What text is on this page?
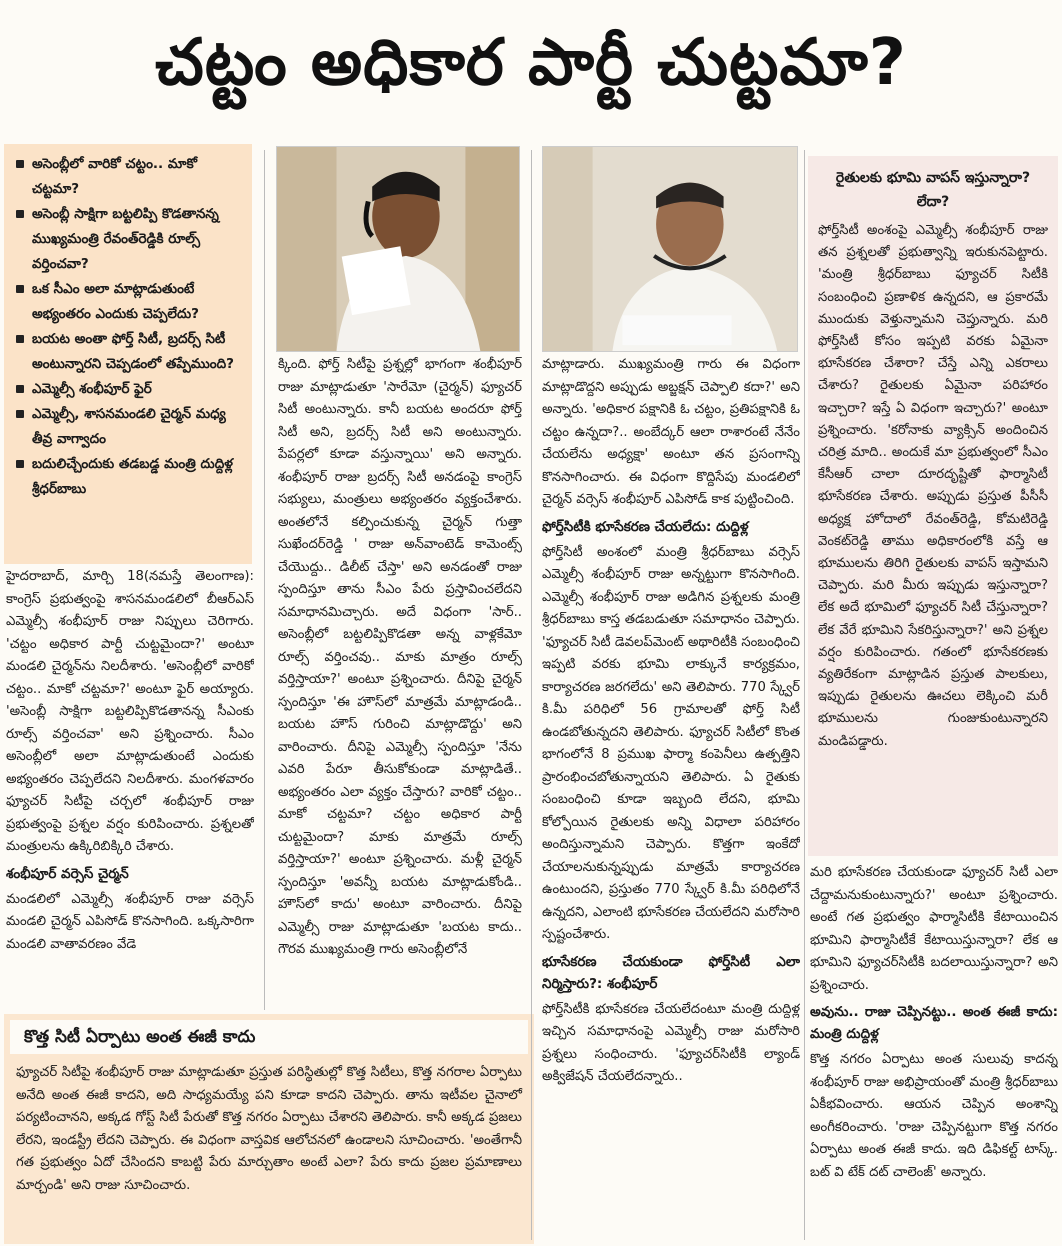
చట్టం అధికార పార్టీ చుట్టమా?
అసెంబ్లీలో వారికో చట్టం.. మాకో చట్టమా?
అసెంబ్లీ సాక్షిగా బట్టలిప్పి కొడతానన్న ముఖ్యమంత్రి రేవంత్‌రెడ్డికి రూల్స్‌ వర్తించవా?
ఒక సీఎం అలా మాట్లాడుతుంటే అభ్యంతరం ఎందుకు చెప్పలేదు?
బయట అంతా ఫోర్త్‌ సిటీ, బ్రదర్స్‌ సిటీ అంటున్నారని చెప్పడంలో తప్పేముంది?
ఎమ్మెల్సీ శంభీపూర్‌ ఫైర్‌
ఎమ్మెల్సీ, శాసనమండలి చైర్మన్‌ మధ్య తీవ్ర వాగ్వాదం
బదులిచ్చేందుకు తడబడ్డ మంత్రి దుద్దిళ్ల శ్రీధర్‌బాబు

హైదరాబాద్‌, మార్చి 18(నమస్తే తెలంగాణ): కాంగ్రెస్‌ ప్రభుత్వంపై శాసనమండలిలో బీఆర్‌ఎస్‌ ఎమ్మెల్సీ శంభీపూర్‌ రాజు నిప్పులు చెరిగారు. 'చట్టం అధికార పార్టీ చుట్టమైందా?' అంటూ మండలి చైర్మన్‌ను నిలదీశారు. 'అసెంబ్లీలో వారికో చట్టం.. మాకో చట్టమా?' అంటూ ఫైర్‌ అయ్యారు. 'అసెంబ్లీ సాక్షిగా బట్టలిప్పికొడతానన్న సీఎంకు రూల్స్‌ వర్తించవా' అని ప్రశ్నించారు. సీఎం అసెంబ్లీలో అలా మాట్లాడుతుంటే ఎందుకు అభ్యంతరం చెప్పలేదని నిలదీశారు. మంగళవారం ఫ్యూచర్‌ సిటీపై చర్చలో శంభీపూర్‌ రాజు ప్రభుత్వంపై ప్రశ్నల వర్షం కురిపించారు. ప్రశ్నలతో మంత్రులను ఉక్కిరిబిక్కిరి చేశారు.

శంభీపూర్‌ వర్సెస్‌ చైర్మన్‌

మండలిలో ఎమ్మెల్సీ శంభీపూర్‌ రాజు వర్సెస్‌ మండలి చైర్మన్‌ ఎపిసోడ్‌ కొనసాగింది. ఒక్కసారిగా మండలి వాతావరణం వేడె

క్కింది. ఫోర్త్‌ సిటీపై ప్రశ్నల్లో భాగంగా శంభీపూర్‌ రాజు మాట్లాడుతూ 'సారేమో (చైర్మన్‌) ఫ్యూచర్‌ సిటీ అంటున్నారు. కానీ బయట అందరూ ఫోర్త్‌ సిటీ అని, బ్రదర్స్‌ సిటీ అని అంటున్నారు. పేపర్లలో కూడా వస్తున్నాయి' అని అన్నారు. శంభీపూర్‌ రాజు బ్రదర్స్‌ సిటీ అనడంపై కాంగ్రెస్‌ సభ్యులు, మంత్రులు అభ్యంతరం వ్యక్తంచేశారు. అంతలోనే కల్పించుకున్న చైర్మన్‌ గుత్తా సుఖేందర్‌రెడ్డి ' రాజు అన్‌వాంటెడ్‌ కామెంట్స్‌ చేయొద్దు.. డిలీట్‌ చేస్తా' అని అనడంతో రాజు స్పందిస్తూ తాను సీఎం పేరు ప్రస్తావించలేదని సమాధానమిచ్చారు. అదే విధంగా 'సార్‌.. అసెంబ్లీలో బట్టలిప్పికొడతా అన్న వాళ్లకేమో రూల్స్‌ వర్తించవు.. మాకు మాత్రం రూల్స్‌ వర్తిస్తాయా?' అంటూ ప్రశ్నించారు. దీనిపై చైర్మన్‌ స్పందిస్తూ 'ఈ హౌస్‌లో మాత్రమే మాట్లాడండి.. బయట హౌస్‌ గురించి మాట్లాడొద్దు' అని వారించారు. దీనిపై ఎమ్మెల్సీ స్పందిస్తూ 'నేను ఎవరి పేరూ తీసుకోకుండా మాట్లాడితే.. అభ్యంతరం ఎలా వ్యక్తం చేస్తారు? వారికో చట్టం.. మాకో చట్టమా? చట్టం అధికార పార్టీ చుట్టమైందా? మాకు మాత్రమే రూల్స్‌ వర్తిస్తాయా?' అంటూ ప్రశ్నించారు. మళ్లీ చైర్మన్‌ స్పందిస్తూ 'అవన్నీ బయట మాట్లాడుకోండి.. హౌస్‌లో కాదు' అంటూ వారించారు. దీనిపై ఎమ్మెల్సీ రాజు మాట్లాడుతూ 'బయట కాదు.. గౌరవ ముఖ్యమంత్రి గారు అసెంబ్లీలోనే

మాట్లాడారు. ముఖ్యమంత్రి గారు ఈ విధంగా మాట్లాడొద్దని అప్పుడు అబ్జక్షన్‌ చెప్పాలి కదా?' అని అన్నారు. 'అధికార పక్షానికి ఓ చట్టం, ప్రతిపక్షానికి ఓ చట్టం ఉన్నదా?.. అంబేద్కర్‌ ఆలా రాశారంటే నేనేం చేయలేను అధ్యక్షా' అంటూ తన ప్రసంగాన్ని కొనసాగించారు. ఈ విధంగా కొద్దిసేపు మండలిలో చైర్మన్‌ వర్సెస్‌ శంభీపూర్‌ ఎపిసోడ్‌ కాక పుట్టించింది.

ఫోర్త్‌సిటీకి భూసేకరణ చేయలేదు: దుద్దిళ్ల

ఫోర్త్‌సిటీ అంశంలో మంత్రి శ్రీధర్‌బాబు వర్సెస్‌ ఎమ్మెల్సీ శంభీపూర్‌ రాజు అన్నట్టుగా కొనసాగింది. ఎమ్మెల్సీ శంభీపూర్‌ రాజు అడిగిన ప్రశ్నలకు మంత్రి శ్రీధర్‌బాబు కాస్త తడబడుతూ సమాధానం చెప్పారు. 'ఫ్యూచర్‌ సిటీ డెవలప్‌మెంట్‌ అథారిటీకి సంబంధించి ఇప్పటి వరకు భూమి లాక్కునే కార్యక్రమం, కార్యాచరణ జరగలేదు' అని తెలిపారు. 770 స్క్వేర్‌ కి.మీ పరిధిలో 56 గ్రామాలతో ఫోర్త్‌ సిటీ ఉండబోతున్నదని తెలిపారు. ఫ్యూచర్‌ సిటీలో కొంత భాగంలోనే 8 ప్రముఖ ఫార్మా కంపెనీలు ఉత్పత్తిని ప్రారంభించబోతున్నాయని తెలిపారు. ఏ రైతుకు సంబంధించి కూడా ఇబ్బంది లేదని, భూమి కోల్పోయిన రైతులకు అన్ని విధాలా పరిహారం అందిస్తున్నామని చెప్పారు. కొత్తగా ఇంకేదో చేయాలనుకున్నప్పుడు మాత్రమే కార్యాచరణ ఉంటుందని, ప్రస్తుతం 770 స్క్వేర్‌ కి.మీ పరిధిలోనే ఉన్నదని, ఎలాంటి భూసేకరణ చేయలేదని మరోసారి స్పష్టంచేశారు.

భూసేకరణ చేయకుండా ఫోర్త్‌సిటీ ఎలా నిర్మిస్తారు?: శంభీపూర్‌

ఫోర్త్‌సిటీకి భూసేకరణ చేయలేదంటూ మంత్రి దుద్దిళ్ల ఇచ్చిన సమాధానంపై ఎమ్మెల్సీ రాజు మరోసారి ప్రశ్నలు సంధించారు. 'ఫ్యూచర్‌సిటీకి ల్యాండ్‌ అక్విజేషన్‌ చేయలేదన్నారు..

రైతులకు భూమి వాపస్‌ ఇస్తున్నారా? లేదా?

ఫోర్త్‌సిటీ అంశంపై ఎమ్మెల్సీ శంభీపూర్‌ రాజు తన ప్రశ్నలతో ప్రభుత్వాన్ని ఇరుకునపెట్టారు. 'మంత్రి శ్రీధర్‌బాబు ఫ్యూచర్‌ సిటీకి సంబంధించి ప్రణాళిక ఉన్నదని, ఆ ప్రకారమే ముందుకు వెళ్తున్నామని చెప్తున్నారు. మరి ఫోర్త్‌సిటీ కోసం ఇప్పటి వరకు ఏమైనా భూసేకరణ చేశారా? చేస్తే ఎన్ని ఎకరాలు చేశారు? రైతులకు ఏమైనా పరిహారం ఇచ్చారా? ఇస్తే ఏ విధంగా ఇచ్చారు?' అంటూ ప్రశ్నించారు. 'కరోనాకు వ్యాక్సిన్‌ అందించిన చరిత్ర మాది.. అందుకే మా ప్రభుత్వంలో సీఎం కేసీఆర్‌ చాలా దూరదృష్టితో ఫార్మాసిటీ భూసేకరణ చేశారు. అప్పుడు ప్రస్తుత పీసీసీ అధ్యక్ష హోదాలో రేవంత్‌రెడ్డి, కోమటిరెడ్డి వెంకట్‌రెడ్డి తాము అధికారంలోకి వస్తే ఆ భూములను తిరిగి రైతులకు వాపస్‌ ఇస్తామని చెప్పారు. మరి మీరు ఇప్పుడు ఇస్తున్నారా? లేక అదే భూమిలో ఫ్యూచర్‌ సిటీ చేస్తున్నారా? లేక వేరే భూమిని సేకరిస్తున్నారా?' అని ప్రశ్నల వర్షం కురిపించారు. గతంలో భూసేకరణకు వ్యతిరేకంగా మాట్లాడిన ప్రస్తుత పాలకులు, ఇప్పుడు రైతులను ఊచలు లెక్కించి మరీ భూములను గుంజుకుంటున్నారని మండిపడ్డారు.

మరి భూసేకరణ చేయకుండా ఫ్యూచర్‌ సిటీ ఎలా చేద్దామనుకుంటున్నారు?' అంటూ ప్రశ్నించారు. అంటే గత ప్రభుత్వం ఫార్మాసిటీకి కేటాయించిన భూమిని ఫార్మాసిటీకే కేటాయిస్తున్నారా? లేక ఆ భూమిని ఫ్యూచర్‌సిటీకి బదలాయిస్తున్నారా? అని ప్రశ్నించారు.

అవును.. రాజు చెప్పినట్టు.. అంత ఈజీ కాదు: మంత్రి దుద్దిళ్ల

కొత్త నగరం ఏర్పాటు అంత సులువు కాదన్న శంభీపూర్‌ రాజు అభిప్రాయంతో మంత్రి శ్రీధర్‌బాబు ఏకీభవించారు. ఆయన చెప్పిన అంశాన్ని అంగీకరించారు. 'రాజు చెప్పినట్టుగా కొత్త నగరం ఏర్పాటు అంత ఈజీ కాదు. ఇది డిఫికల్ట్‌ టాస్క్‌. బట్‌ వి టేక్‌ దట్‌ చాలెంజ్‌' అన్నారు.

కొత్త సిటీ ఏర్పాటు అంత ఈజీ కాదు

ఫ్యూచర్‌ సిటీపై శంభీపూర్‌ రాజు మాట్లాడుతూ ప్రస్తుత పరిస్థితుల్లో కొత్త సిటీలు, కొత్త నగరాల ఏర్పాటు అనేది అంత ఈజీ కాదని, అది సాధ్యమయ్యే పని కూడా కాదని చెప్పారు. తాను ఇటీవల చైనాలో పర్యటించానని, అక్కడ గోస్ట్‌ సిటీ పేరుతో కొత్త నగరం ఏర్పాటు చేశారని తెలిపారు. కానీ అక్కడ ప్రజలు లేరని, ఇండస్ట్రీ లేదని చెప్పారు. ఈ విధంగా వాస్తవిక ఆలోచనలో ఉండాలని సూచించారు. 'అంతేగానీ గత ప్రభుత్వం ఏదో చేసిందని కాబట్టి పేరు మార్చుతాం అంటే ఎలా? పేరు కాదు ప్రజల ప్రమాణాలు మార్చండి' అని రాజు సూచించారు.
